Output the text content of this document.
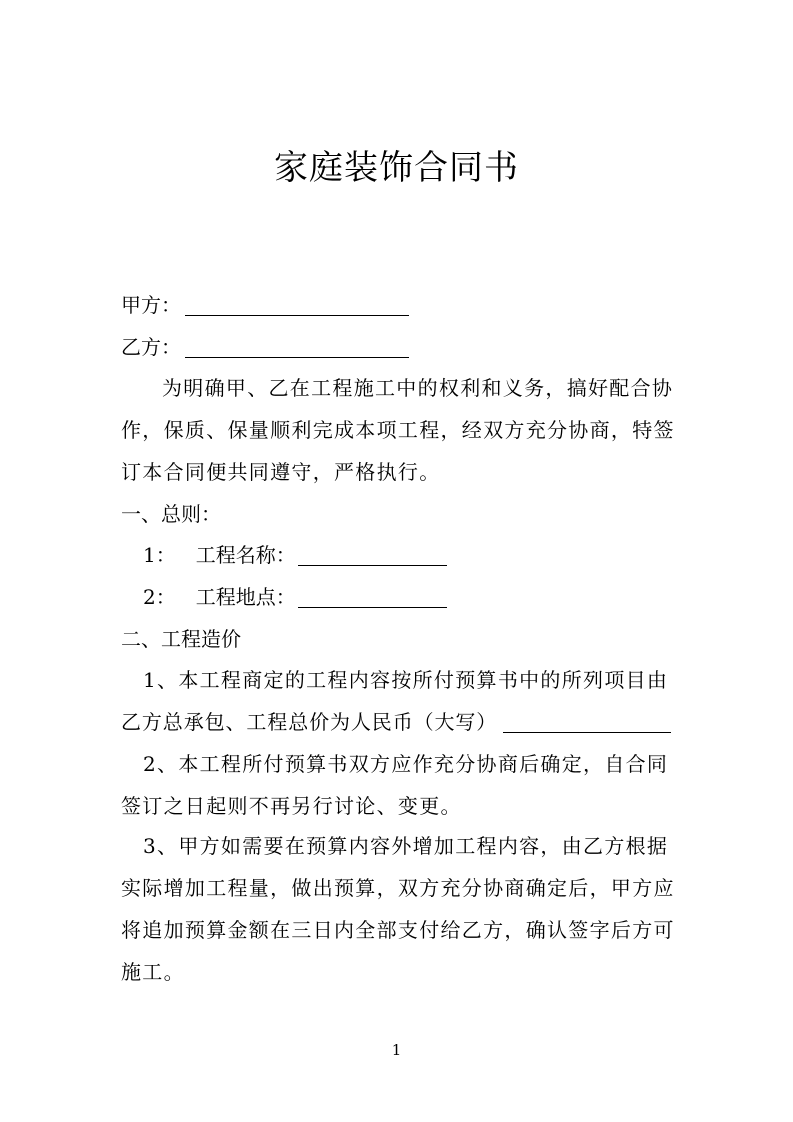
家庭装饰合同书
甲方：
乙方：
为明确甲、乙在工程施工中的权利和义务，搞好配合协
作，保质、保量顺利完成本项工程，经双方充分协商，特签
订本合同便共同遵守，严格执行。
一、总则：
1： 工程名称：
2： 工程地点：
二、工程造价
1、本工程商定的工程内容按所付预算书中的所列项目由
乙方总承包、工程总价为人民币（大写）
2、本工程所付预算书双方应作充分协商后确定，自合同
签订之日起则不再另行讨论、变更。
3、甲方如需要在预算内容外增加工程内容，由乙方根据
实际增加工程量，做出预算，双方充分协商确定后，甲方应
将追加预算金额在三日内全部支付给乙方，确认签字后方可
施工。
1
